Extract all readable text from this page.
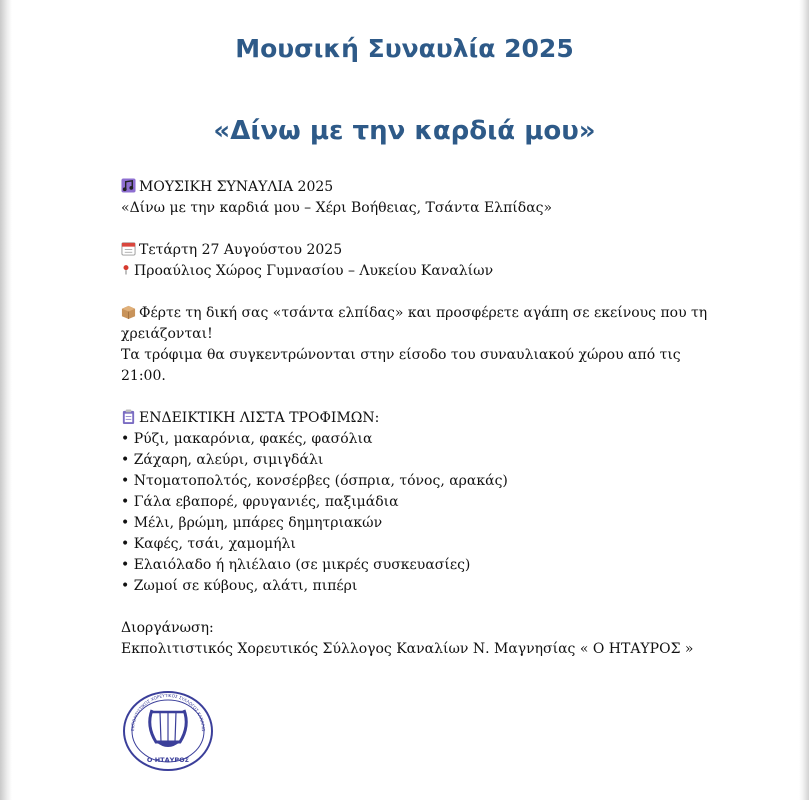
Μουσική Συναυλία 2025
«Δίνω με την καρδιά μου»
ΜΟΥΣΙΚΗ ΣΥΝΑΥΛΙΑ 2025
«Δίνω με την καρδιά μου – Χέρι Βοήθειας, Τσάντα Ελπίδας»
Τετάρτη 27 Αυγούστου 2025
Προαύλιος Χώρος Γυμνασίου – Λυκείου Καναλίων
Φέρτε τη δική σας «τσάντα ελπίδας» και προσφέρετε αγάπη σε εκείνους που τη
χρειάζονται!
Τα τρόφιμα θα συγκεντρώνονται στην είσοδο του συναυλιακού χώρου από τις
21:00.
ΕΝΔΕΙΚΤΙΚΗ ΛΙΣΤΑ ΤΡΟΦΙΜΩΝ:
• Ρύζι, μακαρόνια, φακές, φασόλια
• Ζάχαρη, αλεύρι, σιμιγδάλι
• Ντοματοπολτός, κονσέρβες (όσπρια, τόνος, αρακάς)
• Γάλα εβαπορέ, φρυγανιές, παξιμάδια
• Μέλι, βρώμη, μπάρες δημητριακών
• Καφές, τσάι, χαμομήλι
• Ελαιόλαδο ή ηλιέλαιο (σε μικρές συσκευασίες)
• Ζωμοί σε κύβους, αλάτι, πιπέρι
Διοργάνωση:
Εκπολιτιστικός Χορευτικός Σύλλογος Καναλίων Ν. Μαγνησίας « Ο ΗΤΑΥΡΟΣ »
ΕΚΠΟΛΙΤΙΣΤΙΚΟΣ ΧΟΡΕΥΤΙΚΟΣ ΣΥΛΛΟΓΟΣ ΚΑΝΑΛΙΩ
Ο ΗΤΑΥΡΟΣ
